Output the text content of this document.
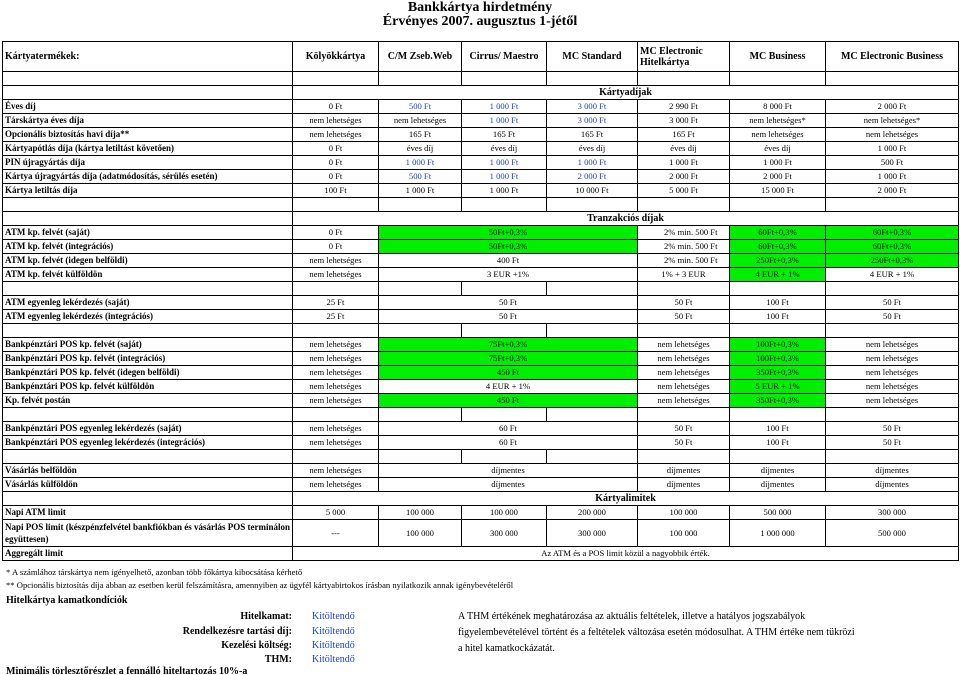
Bankkártya hirdetmény
Érvényes 2007. augusztus 1-jétől
Kártyatermékek:	Kölyökkártya	C/M Zseb.Web	Cirrus/ Maestro	MC Standard	MC Electronic Hitelkártya	MC Business	MC Electronic Business

	Kártyadíjak						
Éves díj	0 Ft	500 Ft	1 000 Ft	3 000 Ft	2 990 Ft	8 000 Ft	2 000 Ft
Társkártya éves díja	nem lehetséges	nem lehetséges	1 000 Ft	3 000 Ft	3 000 Ft	nem lehetséges*	nem lehetséges*
Opcionális biztosítás havi díja**	nem lehetséges	165 Ft	165 Ft	165 Ft	165 Ft	nem lehetséges	nem lehetséges
Kártyapótlás díja (kártya letiltást követően)	0 Ft	éves díj	éves díj	éves díj	éves díj	éves díj	1 000 Ft
PIN újragyártás díja	0 Ft	1 000 Ft	1 000 Ft	1 000 Ft	1 000 Ft	1 000 Ft	500 Ft
Kártya újragyártás díja (adatmódosítás, sérülés esetén)	0 Ft	500 Ft	1 000 Ft	2 000 Ft	2 000 Ft	2 000 Ft	1 000 Ft
Kártya letiltás díja	100 Ft	1 000 Ft	1 000 Ft	10 000 Ft	5 000 Ft	15 000 Ft	2 000 Ft

	Tranzakciós díjak						
ATM kp. felvét (saját)	0 Ft	50Ft+0,3%			2% min. 500 Ft	60Ft+0,3%	60Ft+0,3%
ATM kp. felvét (integrációs)	0 Ft	50Ft+0,3%			2% min. 500 Ft	60Ft+0,3%	60Ft+0,3%
ATM kp. felvét (idegen belföldi)	nem lehetséges	400 Ft			2% min. 500 Ft	250Ft+0,3%	250Ft+0,3%
ATM kp. felvét külföldön	nem lehetséges	3 EUR +1%			1% + 3 EUR	4 EUR + 1%	4 EUR + 1%

ATM egyenleg lekérdezés (saját)	25 Ft	50 Ft			50 Ft	100 Ft	50 Ft
ATM egyenleg lekérdezés (integrációs)	25 Ft	50 Ft			50 Ft	100 Ft	50 Ft

Bankpénztári POS kp. felvét (saját)	nem lehetséges	75Ft+0,3%			nem lehetséges	100Ft+0,3%	nem lehetséges
Bankpénztári POS kp. felvét (integrációs)	nem lehetséges	75Ft+0,3%			nem lehetséges	100Ft+0,3%	nem lehetséges
Bankpénztári POS kp. felvét (idegen belföldi)	nem lehetséges	450 Ft			nem lehetséges	350Ft+0,3%	nem lehetséges
Bankpénztári POS kp. felvét külföldön	nem lehetséges	4 EUR + 1%			nem lehetséges	5 EUR + 1%	nem lehetséges
Kp. felvét postán	nem lehetséges	450 Ft			nem lehetséges	350Ft+0,3%	nem lehetséges

Bankpénztári POS egyenleg lekérdezés (saját)	nem lehetséges	60 Ft			50 Ft	100 Ft	50 Ft
Bankpénztári POS egyenleg lekérdezés (integrációs)	nem lehetséges	60 Ft			50 Ft	100 Ft	50 Ft

Vásárlás belföldön	nem lehetséges	díjmentes			díjmentes	díjmentes	díjmentes
Vásárlás külföldön	nem lehetséges	díjmentes			díjmentes	díjmentes	díjmentes
	Kártyalimitek						
Napi ATM limit	5 000	100 000	100 000	200 000	100 000	500 000	300 000
Napi POS limit (készpénzfelvétel bankfiókban és vásárlás POS terminálon együttesen)	---	100 000	300 000	300 000	100 000	1 000 000	500 000
Aggregált limit	Az ATM és a POS limit közül a nagyobbik érték.						
* A számlához társkártya nem igényelhető, azonban több főkártya kibocsátása kérhető
** Opcionális biztosítás díja abban az esetben kerül felszámításra, amennyiben az ügyfél kártyabirtokos írásban nyilatkozik annak igénybevételéről
Hitelkártya kamatkondíciók
Hitelkamat: Kitöltendő
Rendelkezésre tartási díj: Kitöltendő
Kezelési költség: Kitöltendő
THM: Kitöltendő
A THM értékének meghatározása az aktuális feltételek, illetve a hatályos jogszabályok figyelembevételével történt és a feltételek változása esetén módosulhat. A THM értéke nem tükrözi a hitel kamatkockázatát.
Minimális törlesztőrészlet a fennálló hiteltartozás 10%-a
